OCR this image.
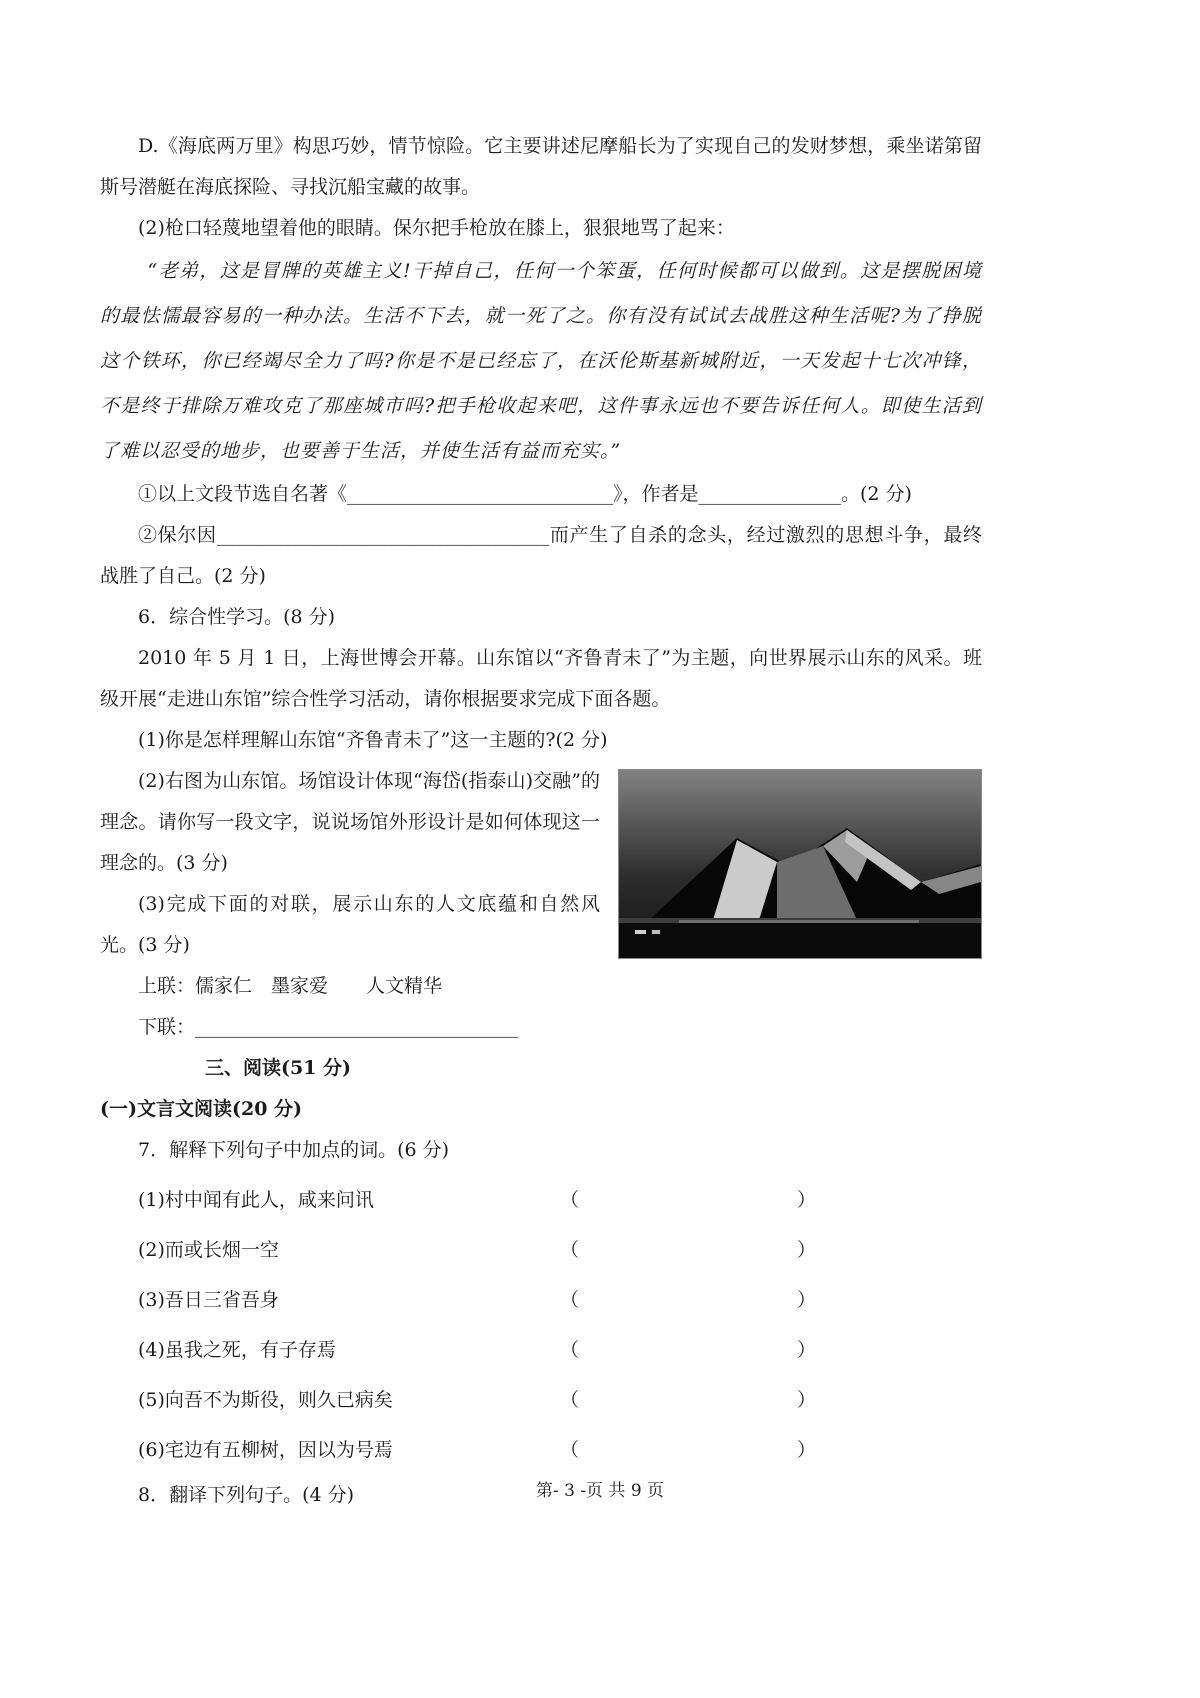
D.《海底两万里》构思巧妙，情节惊险。它主要讲述尼摩船长为了实现自己的发财梦想，乘坐诺第留斯号潜艇在海底探险、寻找沉船宝藏的故事。

(2)枪口轻蔑地望着他的眼睛。保尔把手枪放在膝上，狠狠地骂了起来：

“老弟，这是冒牌的英雄主义!干掉自己，任何一个笨蛋，任何时候都可以做到。这是摆脱困境的最怯懦最容易的一种办法。生活不下去，就一死了之。你有没有试试去战胜这种生活呢?为了挣脱这个铁环，你已经竭尽全力了吗?你是不是已经忘了，在沃伦斯基新城附近，一天发起十七次冲锋，不是终于排除万难攻克了那座城市吗?把手枪收起来吧，这件事永远也不要告诉任何人。即使生活到了难以忍受的地步，也要善于生活，并使生活有益而充实。”

①以上文段节选自名著《____________________________》，作者是_______________。(2 分)

②保尔因___________________________________而产生了自杀的念头，经过激烈的思想斗争，最终战胜了自己。(2 分)

6．综合性学习。(8 分)

2010 年 5 月 1 日，上海世博会开幕。山东馆以“齐鲁青未了”为主题，向世界展示山东的风采。班级开展“走进山东馆”综合性学习活动，请你根据要求完成下面各题。

(1)你是怎样理解山东馆“齐鲁青未了”这一主题的?(2 分)

(2)右图为山东馆。场馆设计体现“海岱(指泰山)交融”的理念。请你写一段文字，说说场馆外形设计是如何体现这一理念的。(3 分)

(3)完成下面的对联，展示山东的人文底蕴和自然风光。(3 分)

上联：儒家仁　墨家爱　　人文精华

下联：__________________________________

三、阅读(51 分)

(一)文言文阅读(20 分)

7．解释下列句子中加点的词。(6 分)

(1)村中闻有此人，咸来问讯	（	）
(2)而或长烟一空	（	）
(3)吾日三省吾身	（	）
(4)虽我之死，有子存焉	（	）
(5)向吾不为斯役，则久已病矣	（	）
(6)宅边有五柳树，因以为号焉	（	）

8．翻译下列句子。(4 分)	第- 3 -页 共 9 页
